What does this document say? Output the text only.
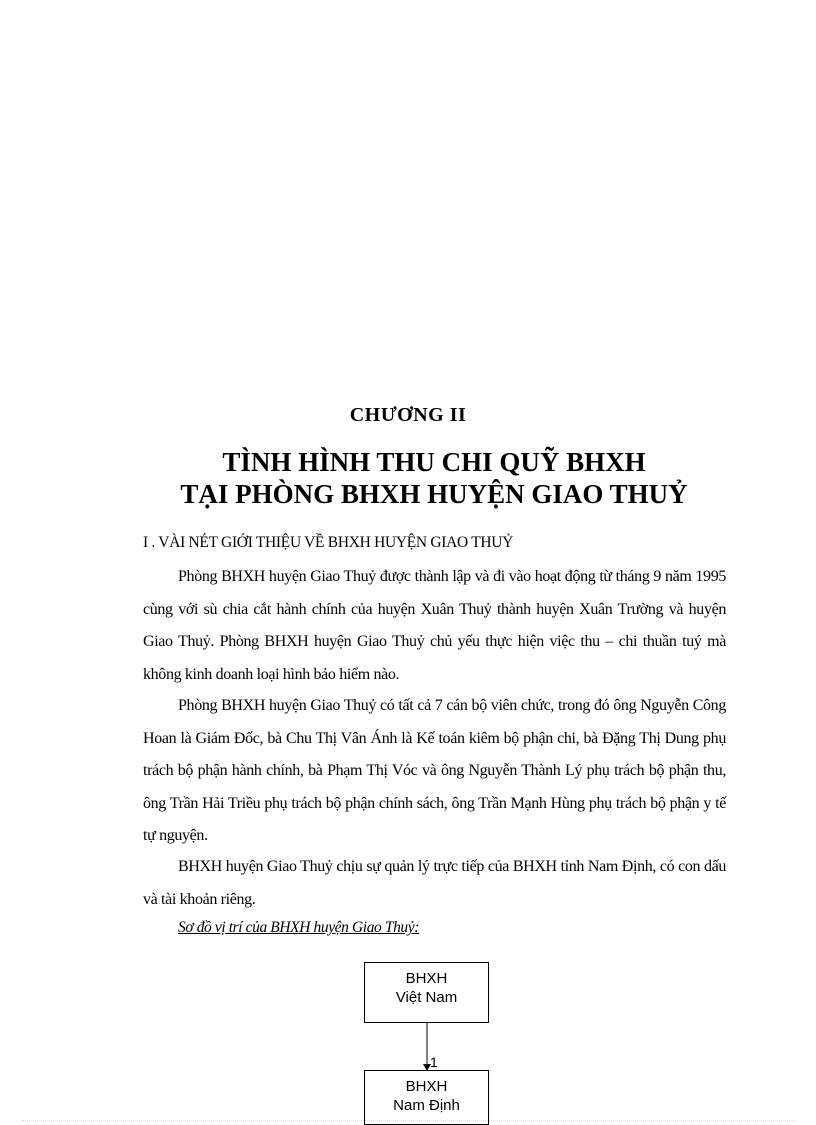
CHƯƠNG II
TÌNH HÌNH THU CHI QUỸ BHXH
TẠI PHÒNG BHXH HUYỆN GIAO THUỶ
I . VÀI NÉT GIỚI THIỆU VỀ BHXH HUYỆN GIAO THUỶ
Phòng BHXH huyện Giao Thuỷ được thành lập và đi vào hoạt động từ tháng 9 năm 1995 cùng với sù chia cắt hành chính của huyện Xuân Thuỷ thành huyện Xuân Trường và huyện Giao Thuỷ. Phòng BHXH huyện Giao Thuỷ chủ yếu thực hiện việc thu – chi thuần tuý mà không kinh doanh loại hình bảo hiểm nào.
Phòng BHXH huyện Giao Thuỷ có tất cả 7 cán bộ viên chức, trong đó ông Nguyễn Công Hoan là Giám Đốc, bà Chu Thị Vân Ánh là Kế toán kiêm bộ phận chi, bà Đặng Thị Dung phụ trách bộ phận hành chính, bà Phạm Thị Vóc và ông Nguyễn Thành Lý phụ trách bộ phận thu, ông Trần Hải Triều phụ trách bộ phận chính sách, ông Trần Mạnh Hùng phụ trách bộ phận y tế tự nguyện.
BHXH huyện Giao Thuỷ chịu sự quản lý trực tiếp của BHXH tỉnh Nam Định, có con dấu và tài khoản riêng.
Sơ đồ vị trí của BHXH huyện Giao Thuỷ:
BHXH
Việt Nam
1
BHXH
Nam Định
